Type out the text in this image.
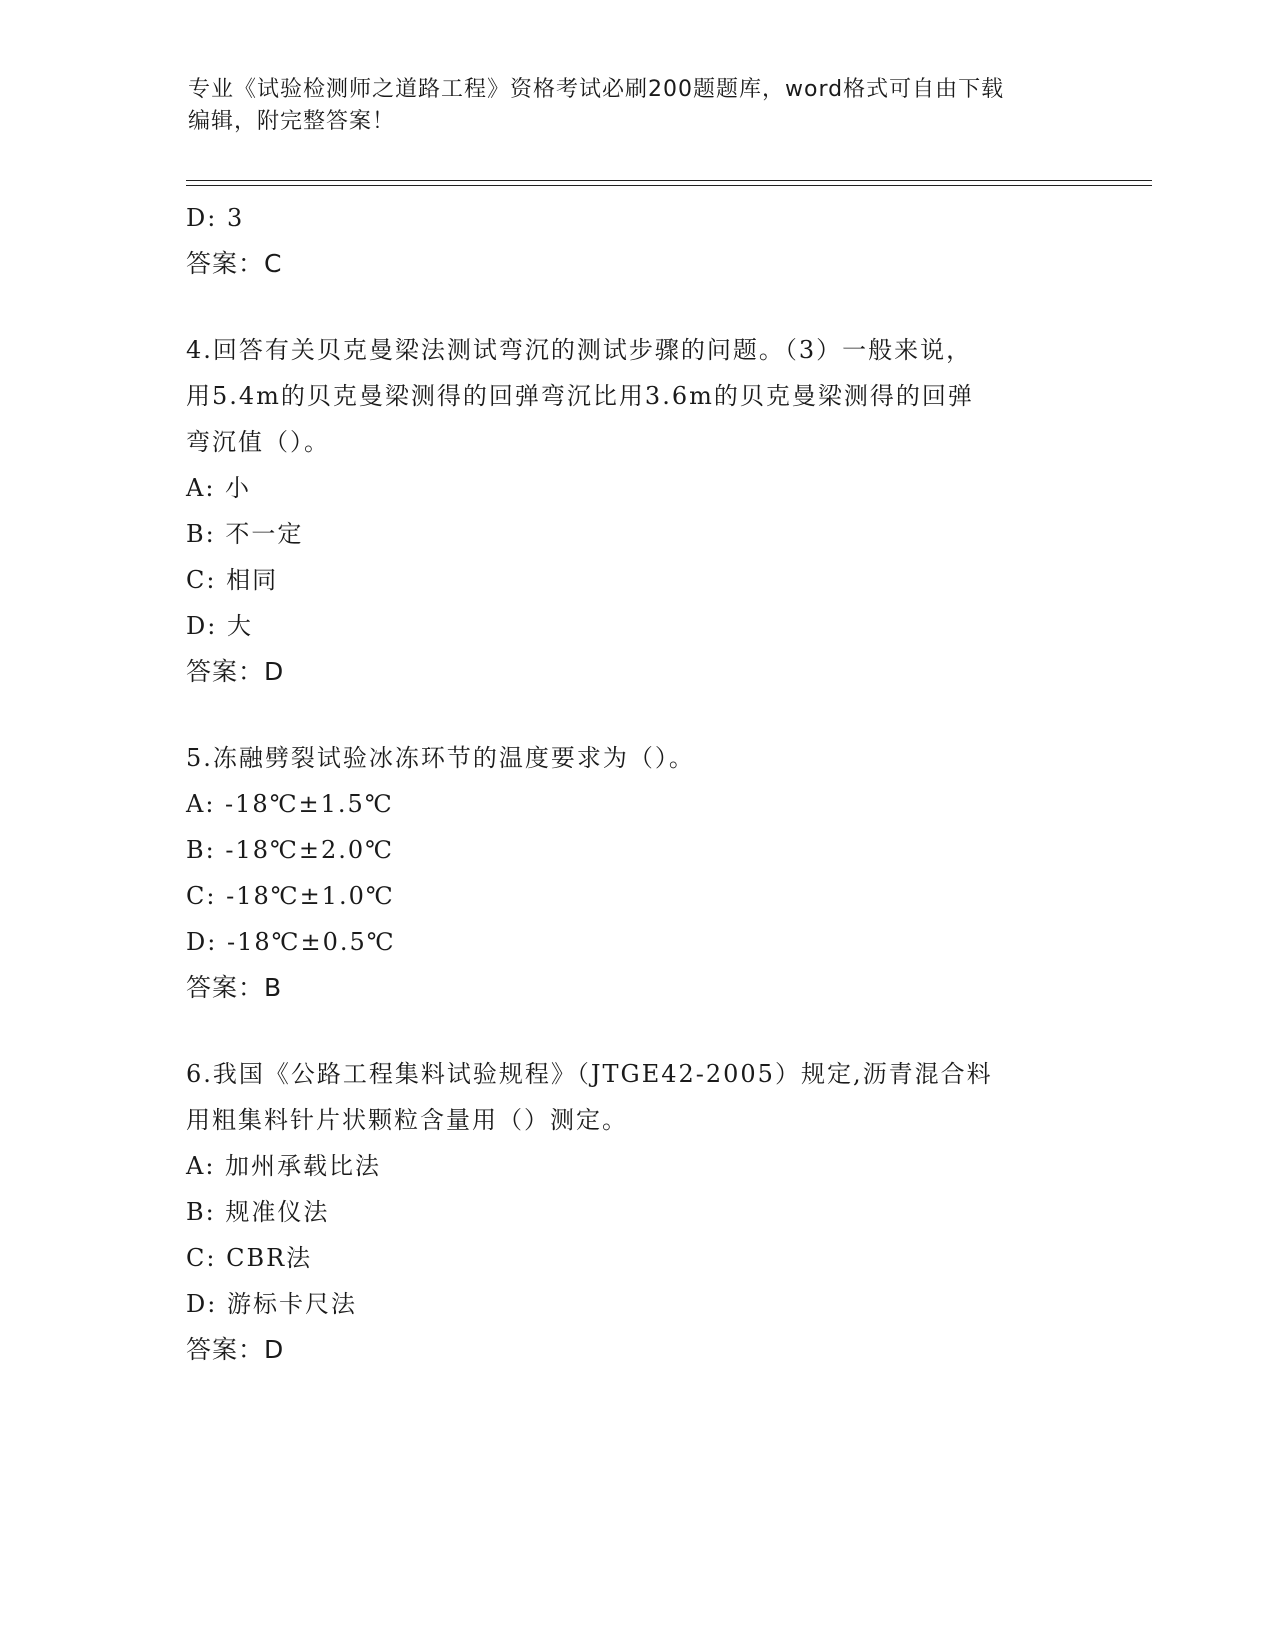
专业《试验检测师之道路工程》资格考试必刷200题题库，word格式可自由下载
编辑，附完整答案！
D: 3
答案：C
4.回答有关贝克曼梁法测试弯沉的测试步骤的问题。（3）一般来说，
用5.4m的贝克曼梁测得的回弹弯沉比用3.6m的贝克曼梁测得的回弹
弯沉值（）。
A: 小
B: 不一定
C: 相同
D: 大
答案：D
5.冻融劈裂试验冰冻环节的温度要求为（）。
A: -18℃±1.5℃
B: -18℃±2.0℃
C: -18℃±1.0℃
D: -18℃±0.5℃
答案：B
6.我国《公路工程集料试验规程》（JTGE42-2005）规定,沥青混合料
用粗集料针片状颗粒含量用（）测定。
A: 加州承载比法
B: 规准仪法
C: CBR法
D: 游标卡尺法
答案：D
